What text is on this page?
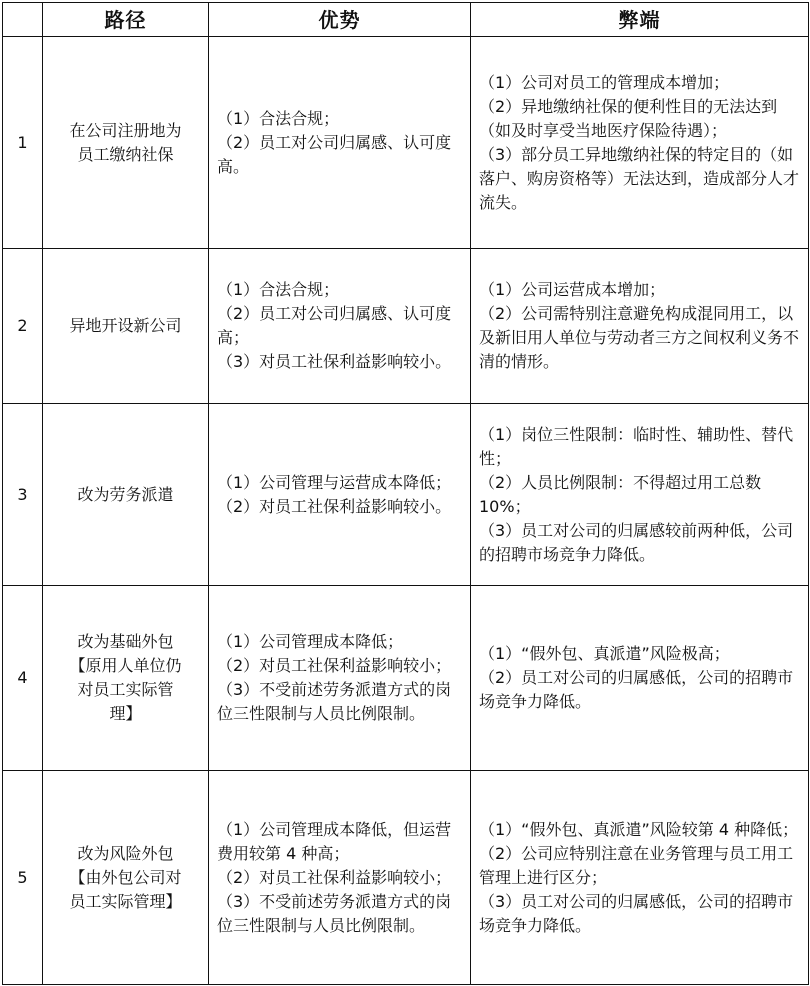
	路径	优势	弊端
1	在公司注册地为
员工缴纳社保	（1）合法合规；
（2）员工对公司归属感、认可度高。	（1）公司对员工的管理成本增加；
（2）异地缴纳社保的便利性目的无法达到（如及时享受当地医疗保险待遇）；
（3）部分员工异地缴纳社保的特定目的（如落户、购房资格等）无法达到，造成部分人才流失。

2	异地开设新公司	（1）合法合规；
（2）员工对公司归属感、认可度高；
（3）对员工社保利益影响较小。	（1）公司运营成本增加；
（2）公司需特别注意避免构成混同用工，以及新旧用人单位与劳动者三方之间权利义务不清的情形。

3	改为劳务派遣	（1）公司管理与运营成本降低；
（2）对员工社保利益影响较小。	（1）岗位三性限制：临时性、辅助性、替代性；
（2）人员比例限制：不得超过用工总数 10%；
（3）员工对公司的归属感较前两种低，公司的招聘市场竞争力降低。

4	改为基础外包
【原用人单位仍
对员工实际管
理】	（1）公司管理成本降低；
（2）对员工社保利益影响较小；
（3）不受前述劳务派遣方式的岗位三性限制与人员比例限制。	（1）“假外包、真派遣”风险极高；
（2）员工对公司的归属感低，公司的招聘市场竞争力降低。

5	改为风险外包
【由外包公司对
员工实际管理】	（1）公司管理成本降低，但运营费用较第 4 种高；
（2）对员工社保利益影响较小；
（3）不受前述劳务派遣方式的岗位三性限制与人员比例限制。	（1）“假外包、真派遣”风险较第 4 种降低；
（2）公司应特别注意在业务管理与员工用工管理上进行区分；
（3）员工对公司的归属感低，公司的招聘市场竞争力降低。
